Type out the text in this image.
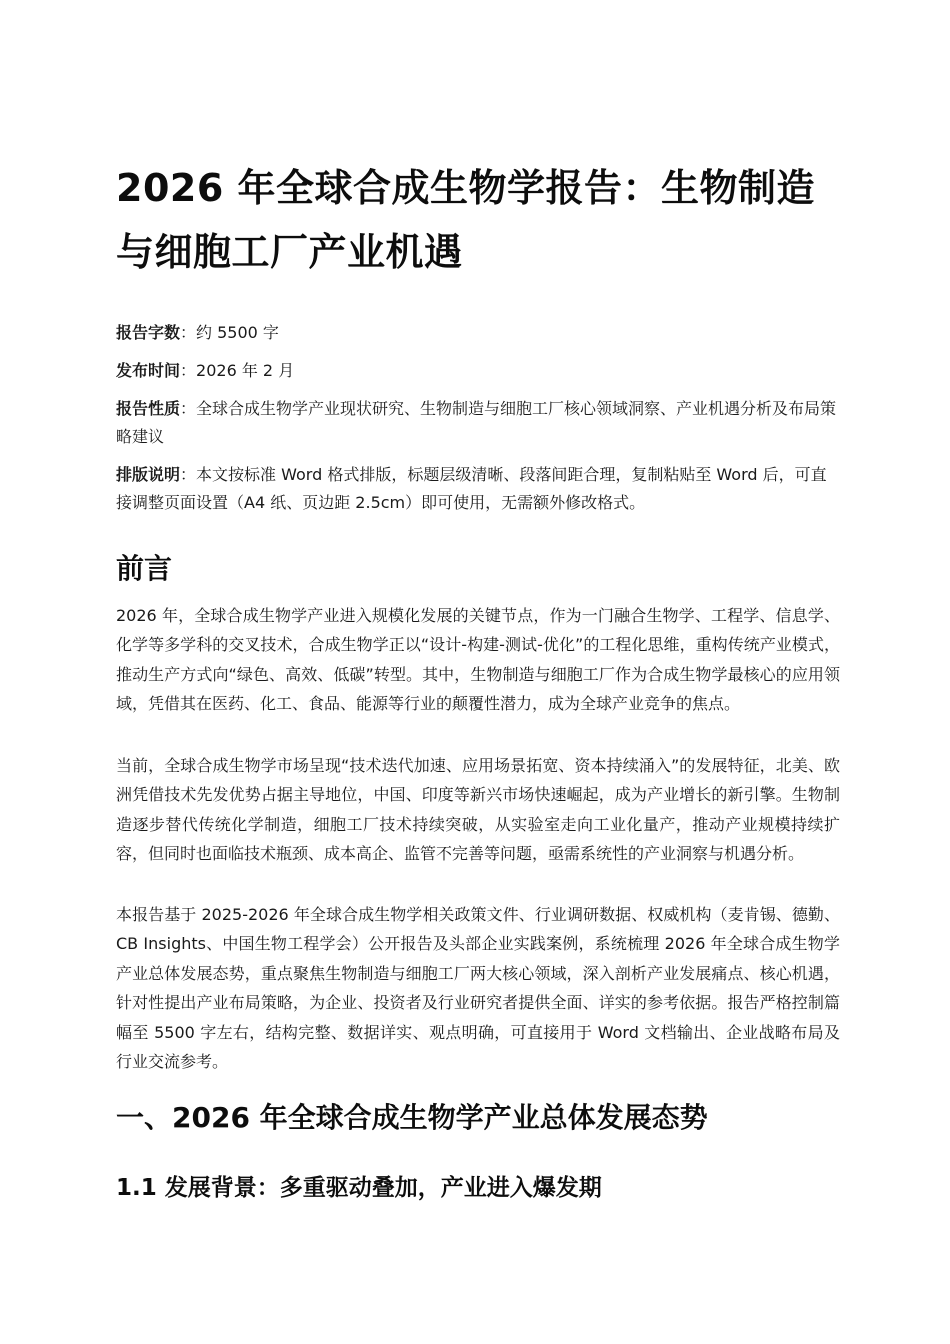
2026 年全球合成生物学报告：生物制造与细胞工厂产业机遇
报告字数：约 5500 字
发布时间：2026 年 2 月
报告性质：全球合成生物学产业现状研究、生物制造与细胞工厂核心领域洞察、产业机遇分析及布局策略建议
排版说明：本文按标准 Word 格式排版，标题层级清晰、段落间距合理，复制粘贴至 Word 后，可直接调整页面设置（A4 纸、页边距 2.5cm）即可使用，无需额外修改格式。
前言

2026 年，全球合成生物学产业进入规模化发展的关键节点，作为一门融合生物学、工程学、信息学、化学等多学科的交叉技术，合成生物学正以“设计-构建-测试-优化”的工程化思维，重构传统产业模式，推动生产方式向“绿色、高效、低碳”转型。其中，生物制造与细胞工厂作为合成生物学最核心的应用领域，凭借其在医药、化工、食品、能源等行业的颠覆性潜力，成为全球产业竞争的焦点。

当前，全球合成生物学市场呈现“技术迭代加速、应用场景拓宽、资本持续涌入”的发展特征，北美、欧洲凭借技术先发优势占据主导地位，中国、印度等新兴市场快速崛起，成为产业增长的新引擎。生物制造逐步替代传统化学制造，细胞工厂技术持续突破，从实验室走向工业化量产，推动产业规模持续扩容，但同时也面临技术瓶颈、成本高企、监管不完善等问题，亟需系统性的产业洞察与机遇分析。

本报告基于 2025-2026 年全球合成生物学相关政策文件、行业调研数据、权威机构（麦肯锡、德勤、CB Insights、中国生物工程学会）公开报告及头部企业实践案例，系统梳理 2026 年全球合成生物学产业总体发展态势，重点聚焦生物制造与细胞工厂两大核心领域，深入剖析产业发展痛点、核心机遇，针对性提出产业布局策略，为企业、投资者及行业研究者提供全面、详实的参考依据。报告严格控制篇幅至 5500 字左右，结构完整、数据详实、观点明确，可直接用于 Word 文档输出、企业战略布局及行业交流参考。

一、2026 年全球合成生物学产业总体发展态势
1.1 发展背景：多重驱动叠加，产业进入爆发期
